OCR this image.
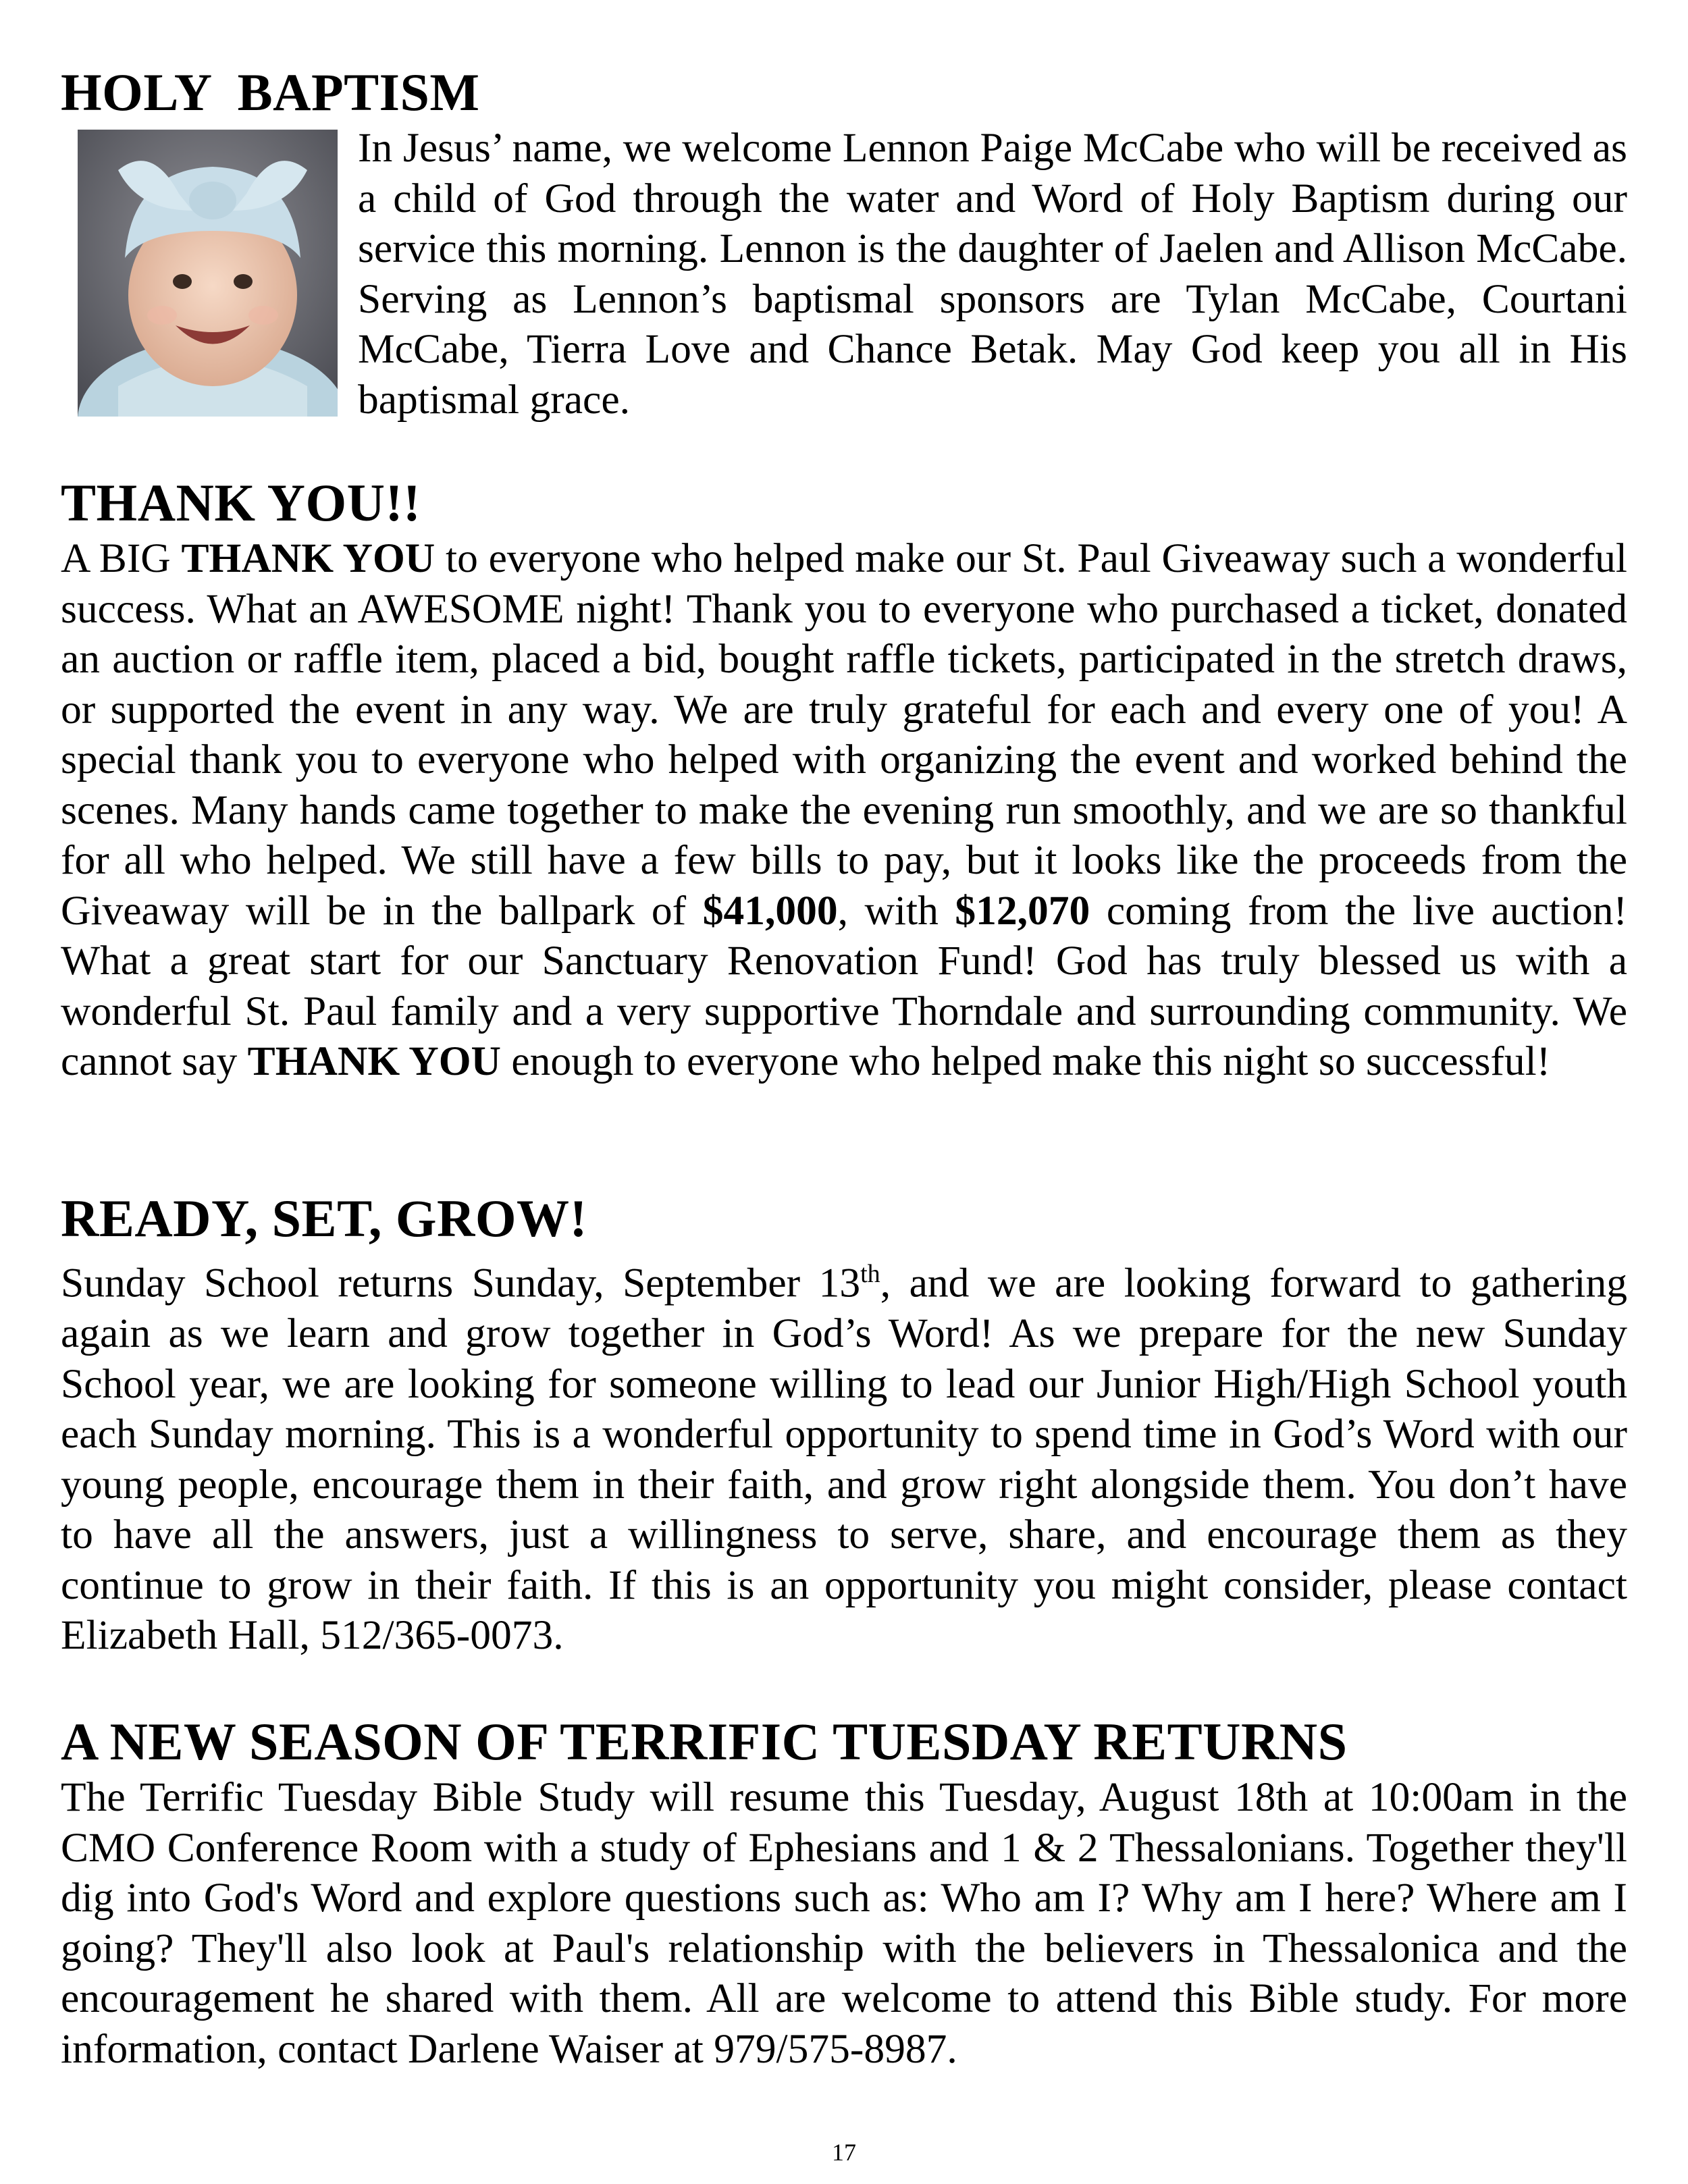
HOLY  BAPTISM

In Jesus’ name, we welcome Lennon Paige McCabe who will be received as a child of God through the water and Word of Holy Baptism during our service this morning. Lennon is the daughter of Jaelen and Allison McCabe. Serving as Lennon’s baptismal sponsors are Tylan McCabe, Courtani McCabe, Tierra Love and Chance Betak. May God keep you all in His baptismal grace.

THANK YOU!!

A BIG THANK YOU to everyone who helped make our St. Paul Giveaway such a wonderful success. What an AWESOME night! Thank you to everyone who purchased a ticket, donated an auction or raffle item, placed a bid, bought raffle tickets, participated in the stretch draws, or supported the event in any way. We are truly grateful for each and every one of you! A special thank you to everyone who helped with organizing the event and worked behind the scenes. Many hands came together to make the evening run smoothly, and we are so thankful for all who helped. We still have a few bills to pay, but it looks like the proceeds from the Giveaway will be in the ballpark of $41,000, with $12,070 coming from the live auction! What a great start for our Sanctuary Renovation Fund! God has truly blessed us with a wonderful St. Paul family and a very supportive Thorndale and surrounding community. We cannot say THANK YOU enough to everyone who helped make this night so successful!

READY, SET, GROW!

Sunday School returns Sunday, September 13th, and we are looking forward to gathering again as we learn and grow together in God’s Word! As we prepare for the new Sunday School year, we are looking for someone willing to lead our Junior High/High School youth each Sunday morning. This is a wonderful opportunity to spend time in God’s Word with our young people, encourage them in their faith, and grow right alongside them. You don’t have to have all the answers, just a willingness to serve, share, and encourage them as they continue to grow in their faith. If this is an opportunity you might consider, please contact Elizabeth Hall, 512/365-0073.

A NEW SEASON OF TERRIFIC TUESDAY RETURNS

The Terrific Tuesday Bible Study will resume this Tuesday, August 18th at 10:00am in the CMO Conference Room with a study of Ephesians and 1 & 2 Thessalonians. Together they'll dig into God's Word and explore questions such as: Who am I? Why am I here? Where am I going? They'll also look at Paul's relationship with the believers in Thessalonica and the encouragement he shared with them. All are welcome to attend this Bible study. For more information, contact Darlene Waiser at 979/575-8987.

17
